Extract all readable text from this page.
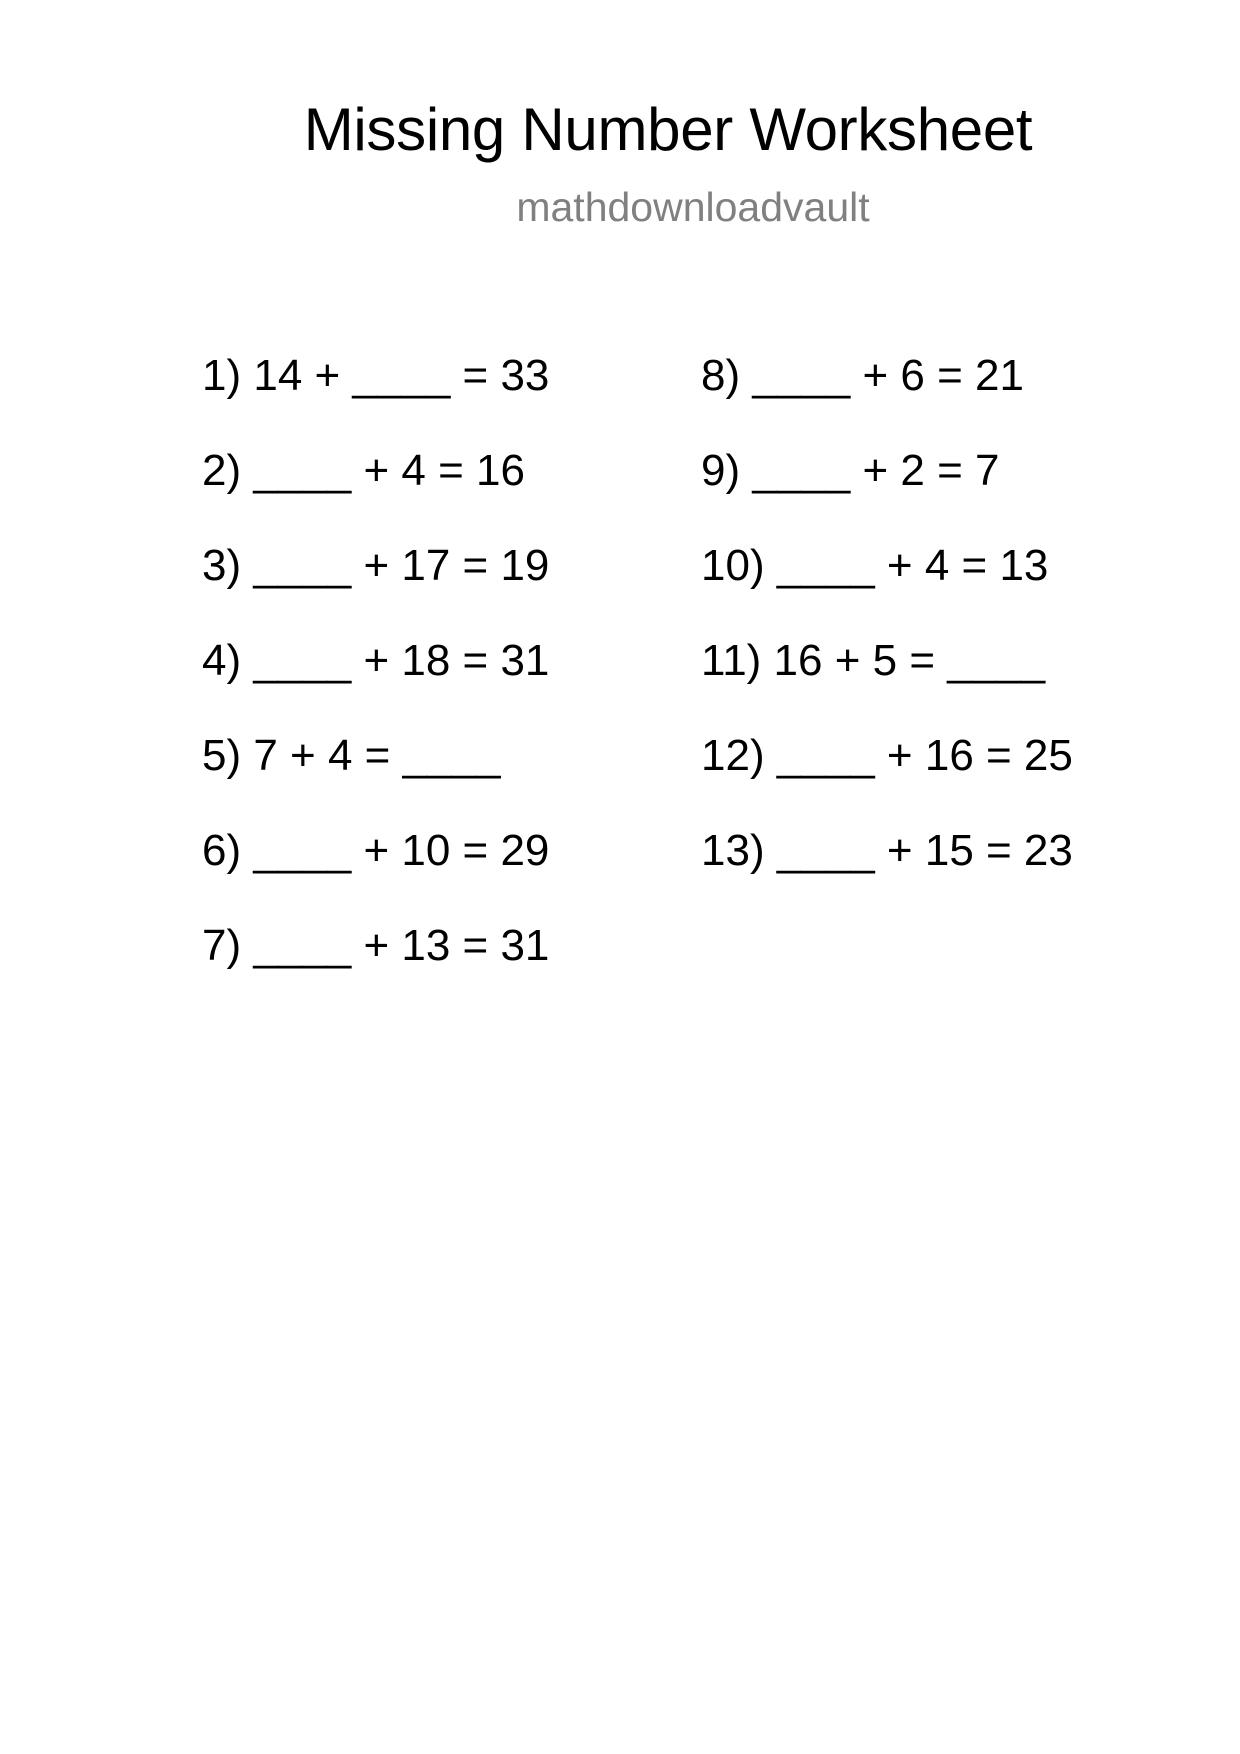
Missing Number Worksheet
mathdownloadvault
1) 14 + ____ = 33
2) ____ + 4 = 16
3) ____ + 17 = 19
4) ____ + 18 = 31
5) 7 + 4 = ____
6) ____ + 10 = 29
7) ____ + 13 = 31
8) ____ + 6 = 21
9) ____ + 2 = 7
10) ____ + 4 = 13
11) 16 + 5 = ____
12) ____ + 16 = 25
13) ____ + 15 = 23
